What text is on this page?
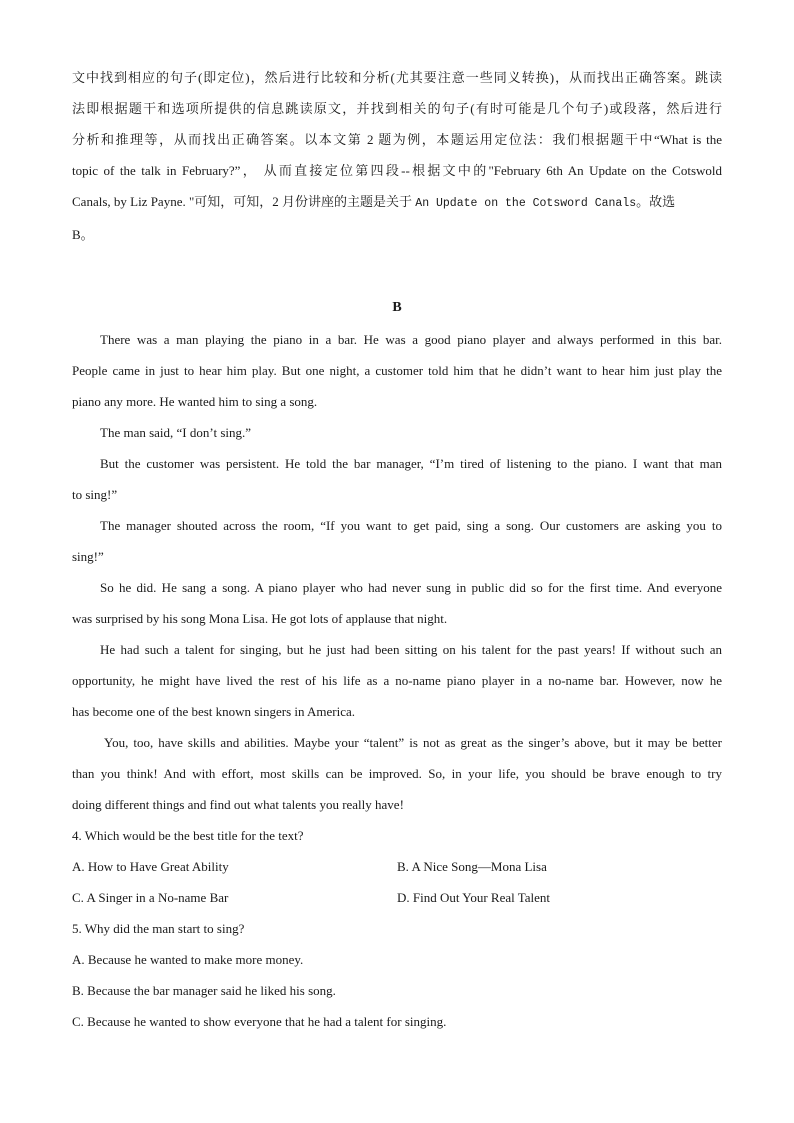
文中找到相应的句子(即定位)，然后进行比较和分析(尤其要注意一些同义转换)，从而找出正确答案。跳读
法即根据题干和选项所提供的信息跳读原文，并找到相关的句子(有时可能是几个句子)或段落，然后进行
分析和推理等，从而找出正确答案。以本文第 2 题为例，本题运用定位法：我们根据题干中“What is the
topic of the talk in February?”， 从而直接定位第四段--根据文中的"February 6th An Update on the Cotswold
Canals, by Liz Payne. "可知，可知，2 月份讲座的主题是关于 An Update on the Cotsword Canals。故选
B。
B
There was a man playing the piano in a bar. He was a good piano player and always performed in this bar.
People came in just to hear him play. But one night, a customer told him that he didn’t want to hear him just play the
piano any more. He wanted him to sing a song.
The man said, “I don’t sing.”
But the customer was persistent. He told the bar manager, “I’m tired of listening to the piano. I want that man
to sing!”
The manager shouted across the room, “If you want to get paid, sing a song. Our customers are asking you to
sing!”
So he did. He sang a song. A piano player who had never sung in public did so for the first time. And everyone
was surprised by his song Mona Lisa. He got lots of applause that night.
He had such a talent for singing, but he just had been sitting on his talent for the past years! If without such an
opportunity, he might have lived the rest of his life as a no-name piano player in a no-name bar. However, now he
has become one of the best known singers in America.
You, too, have skills and abilities. Maybe your “talent” is not as great as the singer’s above, but it may be better
than you think! And with effort, most skills can be improved. So, in your life, you should be brave enough to try
doing different things and find out what talents you really have!
4. Which would be the best title for the text?
A. How to Have Great Ability	B. A Nice Song—Mona Lisa
C. A Singer in a No-name Bar	D. Find Out Your Real Talent
5. Why did the man start to sing?
A. Because he wanted to make more money.
B. Because the bar manager said he liked his song.
C. Because he wanted to show everyone that he had a talent for singing.
